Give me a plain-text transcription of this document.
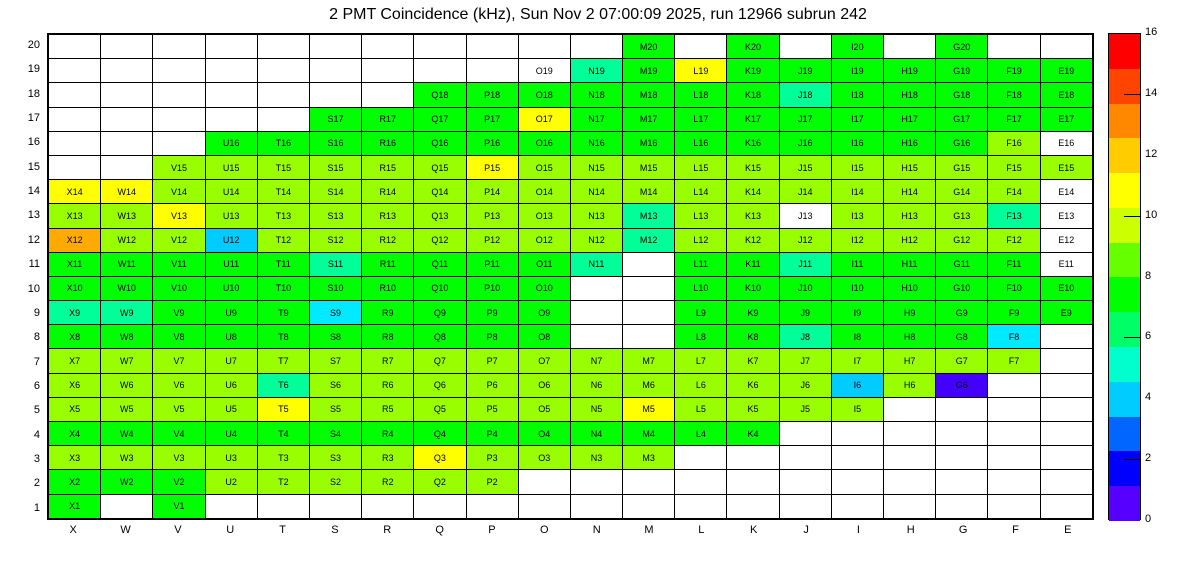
2 PMT Coincidence (kHz), Sun Nov 2 07:00:09 2025, run 12966 subrun 242
											M20		K20		I20		G20		
									O19	N19	M19	L19	K19	J19	I19	H19	G19	F19	E19
							Q18	P18	O18	N18	M18	L18	K18	J18	I18	H18	G18	F18	E18
					S17	R17	Q17	P17	O17	N17	M17	L17	K17	J17	I17	H17	G17	F17	E17
			U16	T16	S16	R16	Q16	P16	O16	N16	M16	L16	K16	J16	I16	H16	G16	F16	E16
		V15	U15	T15	S15	R15	Q15	P15	O15	N15	M15	L15	K15	J15	I15	H15	G15	F15	E15
X14	W14	V14	U14	T14	S14	R14	Q14	P14	O14	N14	M14	L14	K14	J14	I14	H14	G14	F14	E14
X13	W13	V13	U13	T13	S13	R13	Q13	P13	O13	N13	M13	L13	K13	J13	I13	H13	G13	F13	E13
X12	W12	V12	U12	T12	S12	R12	Q12	P12	O12	N12	M12	L12	K12	J12	I12	H12	G12	F12	E12
X11	W11	V11	U11	T11	S11	R11	Q11	P11	O11	N11		L11	K11	J11	I11	H11	G11	F11	E11
X10	W10	V10	U10	T10	S10	R10	Q10	P10	O10			L10	K10	J10	I10	H10	G10	F10	E10
X9	W9	V9	U9	T9	S9	R9	Q9	P9	O9			L9	K9	J9	I9	H9	G9	F9	E9
X8	W8	V8	U8	T8	S8	R8	Q8	P8	O8			L8	K8	J8	I8	H8	G8	F8	
X7	W7	V7	U7	T7	S7	R7	Q7	P7	O7	N7	M7	L7	K7	J7	I7	H7	G7	F7	
X6	W6	V6	U6	T6	S6	R6	Q6	P6	O6	N6	M6	L6	K6	J6	I6	H6	G6		
X5	W5	V5	U5	T5	S5	R5	Q5	P5	O5	N5	M5	L5	K5	J5	I5				
X4	W4	V4	U4	T4	S4	R4	Q4	P4	O4	N4	M4	L4	K4						
X3	W3	V3	U3	T3	S3	R3	Q3	P3	O3	N3	M3								
X2	W2	V2	U2	T2	S2	R2	Q2	P2											
X1		V1																	
20
19
18
17
16
15
14
13
12
11
10
9
8
7
6
5
4
3
2
1
X	W	V	U	T	S	R	Q	P	O	N	M	L	K	J	I	H	G	F	E
0
2
4
6
8
10
12
14
16
